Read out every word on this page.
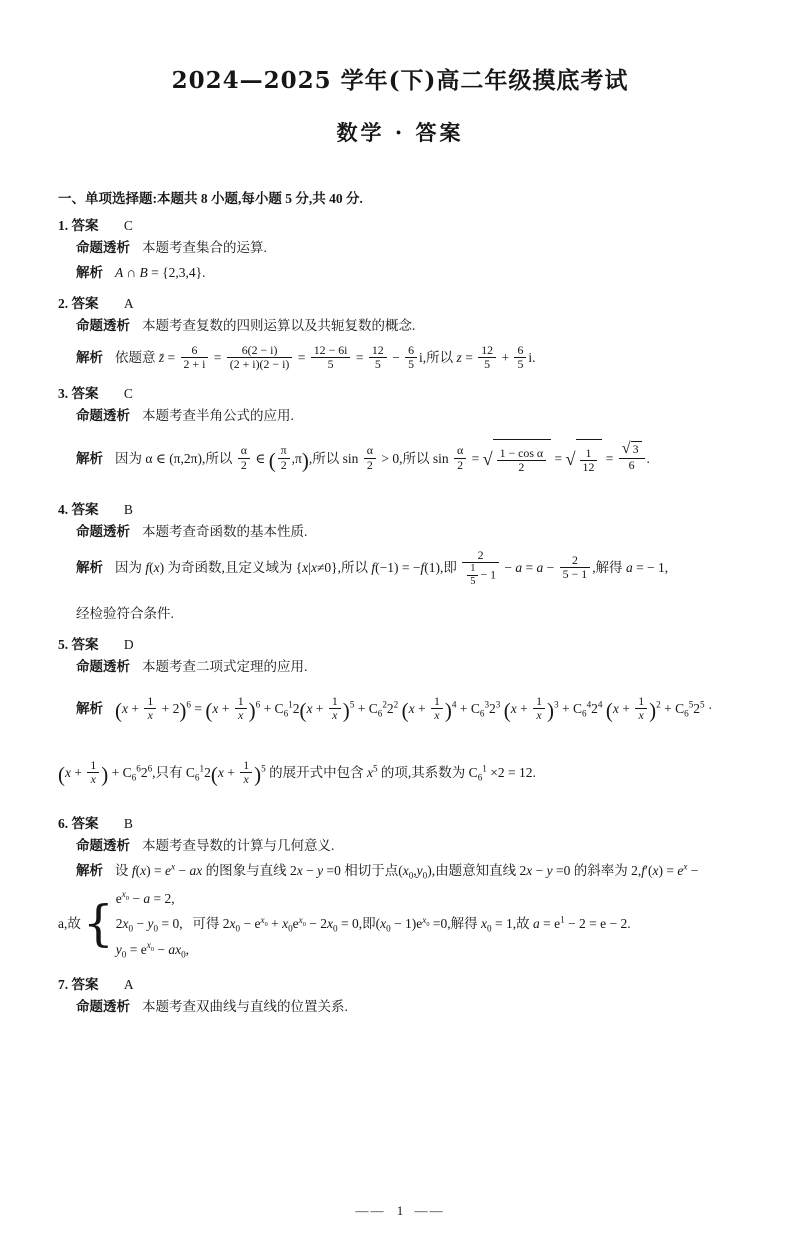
2024—2025 学年(下)高二年级摸底考试
数学 · 答案
一、单项选择题:本题共 8 小题,每小题 5 分,共 40 分.
1. 答案 C
命题透析 本题考查集合的运算.
解析 A ∩ B = {2,3,4}.
2. 答案 A
命题透析 本题考查复数的四则运算以及共轭复数的概念.
解析 依题意 z̄ = $\frac{6}{2 + i} = \frac{6(2 - i)}{(2 + i)(2 - i)} = \frac{12 - 6i}{5} = \frac{12}{5} - \frac{6}{5} i$,所以 $z = \frac{12}{5} + \frac{6}{5} i$.
3. 答案 C
命题透析 本题考查半角公式的应用.
解析 因为 α ∈ (π,2π),所以 $\frac{\alpha}{2}$ ∈ ( $\frac{\pi}{2} ,\pi$),所以 $\sin \frac{\alpha}{2} > 0$,所以 $\sin \frac{\alpha}{2}$ = √ $\frac{\text{1 − cos α}}{2}$ = √ $\frac{1}{12} = \frac{√ 3}{6}$ .
4. 答案 B
命题透析 本题考查奇函数的基本性质.
解析 因为 f(x) 为奇函数,且定义域为 {x|x≠0},所以 f(−1) = −f(1),即 $\frac{2}{\frac{1}{5} - 1} - a = a - \frac{2}{5 - 1}$ ,解得 a = − 1,
经检验符合条件.
5. 答案 D
命题透析 本题考查二项式定理的应用.
解析 $(x + \frac{1}{x} + 2)^6 = (x + \frac{1}{x} )^6 + C_6^12(x + \frac{1}{x} )^5 + C_6^22^2$ $(x + \frac{1}{x} )^4 + C_6^32^3$ $(x + \frac{1}{x} )^3 + C_6^42^4$ $(x + \frac{1}{x} )^2 + C_6^52^5$ ·
($x + \frac{1}{x}$ ) + $C_6^62^6$,只有 $C_6^12(x + \frac{1}{x} )^5$ 的展开式中包含 $x^5$ 的项,其系数为 $C_6^1 \times 2 = 12$.
6. 答案 B
命题透析 本题考查导数的计算与几何意义.
解析 设 $f(x) = e^x$ − ax 的图象与直线 2x − y =0 相切于点$(x_0,y_0)$,由题意知直线 2x − y =0 的斜率为 $2,f'(x) = e^x$ −
a,故 { $e^{x_0} - a = 2$,
$2x_0 - y_0 = 0$,
$y_0 = e^{x_0} - ax_0$,
可得 $2x_0 - e^{x_0} + x_0e^{x_0} - 2x_0 = 0$,即$(x_0 - 1)e^{x_0} =0$,解得 $x_0 = 1$,故 $a = e^1 - 2 = e - 2$.
7. 答案 A
命题透析 本题考查双曲线与直线的位置关系.
—— 1 ——
